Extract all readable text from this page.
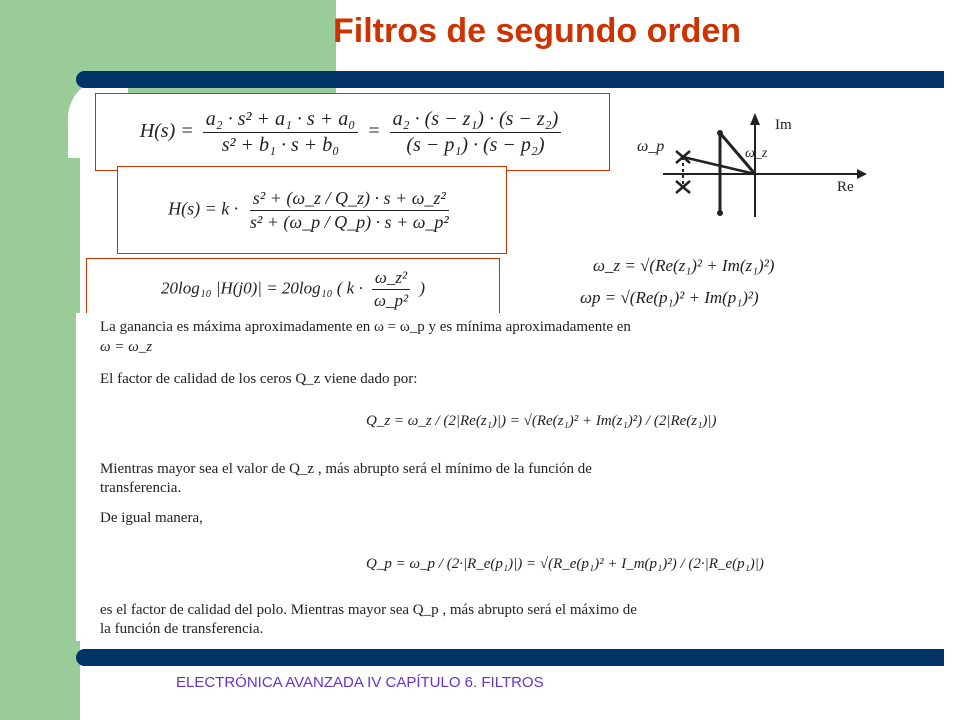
Filtros de segundo orden
$H(s) = \frac{\text{a₂ · s² + a₁ · s + a₀}}{\text{s² + b₁ · s + b₀}} = \frac{\text{a₂ · (s − z₁) · (s − z₂)}}{\text{(s − p₁) · (s − p₂)}}$
$H(s) = k \cdot \frac{\text{s² + (ω\_z / Q\_z) · s + ω\_z²}}{\text{s² + (ω\_p / Q\_p) · s + ω\_p²}}$
20log₁₀ |H(j0)| = 20log₁₀ ( $k \cdot \frac{\text{ω\_z²}}{\text{ω\_p²}}$ )
Im
Re
ω_p	ω_z
ω_z = √(Re(z₁)² + Im(z₁)²)
ωp = √(Re(p₁)² + Im(p₁)²)
La ganancia es máxima aproximadamente en ω = ω_p y es mínima aproximadamente en
ω = ω_z
El factor de calidad de los ceros Q_z viene dado por:
Q_z = ω_z / (2|Re(z₁)|) = √(Re(z₁)² + Im(z₁)²) / (2|Re(z₁)|)
Mientras mayor sea el valor de Q_z , más abrupto será el mínimo de la función de
transferencia.
De igual manera,
Q_p = ω_p / (2·|R_e(p₁)|) = √(R_e(p₁)² + I_m(p₁)²) / (2·|R_e(p₁)|)
es el factor de calidad del polo. Mientras mayor sea Q_p , más abrupto será el máximo de
la función de transferencia.
ELECTRÓNICA AVANZADA IV CAPÍTULO 6. FILTROS
